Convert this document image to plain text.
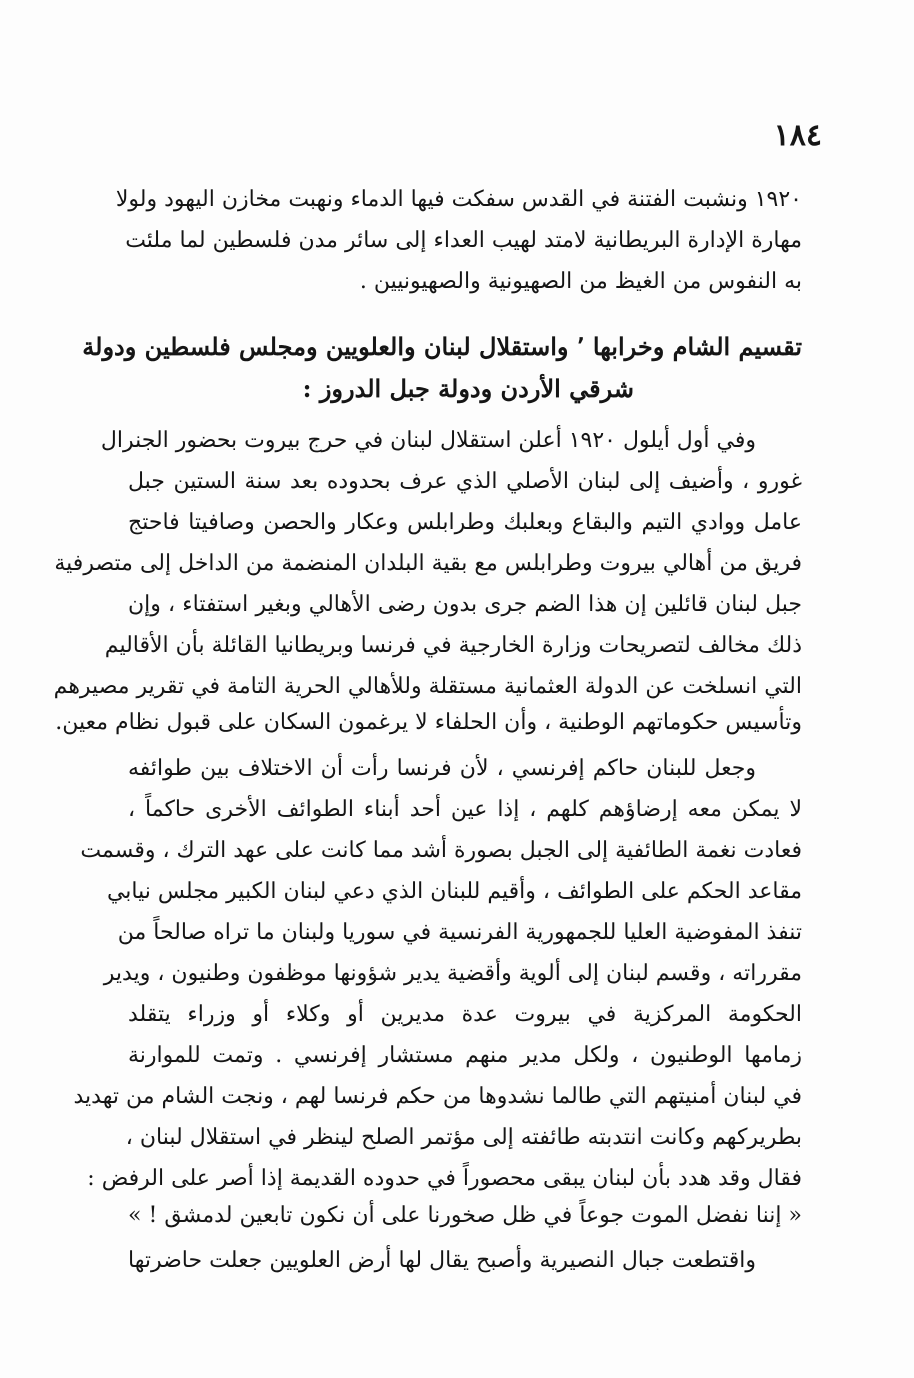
١٨٤
١٩٢٠ ونشبت الفتنة في القدس سفكت فيها الدماء ونهبت مخازن اليهود ولولا
مهارة الإدارة البريطانية لامتد لهيب العداء إلى سائر مدن فلسطين لما ملئت
به النفوس من الغيظ من الصهيونية والصهيونيين .
تقسيم الشام وخرابها ٬ واستقلال لبنان والعلويين ومجلس فلسطين ودولة
شرقي الأردن ودولة جبل الدروز :
وفي أول أيلول ١٩٢٠ أعلن استقلال لبنان في حرج بيروت بحضور الجنرال
غورو ، وأضيف إلى لبنان الأصلي الذي عرف بحدوده بعد سنة الستين جبل
عامل ووادي التيم والبقاع وبعلبك وطرابلس وعكار والحصن وصافيتا فاحتج
فريق من أهالي بيروت وطرابلس مع بقية البلدان المنضمة من الداخل إلى متصرفية
جبل لبنان قائلين إن هذا الضم جرى بدون رضى الأهالي وبغير استفتاء ، وإن
ذلك مخالف لتصريحات وزارة الخارجية في فرنسا وبريطانيا القائلة بأن الأقاليم
التي انسلخت عن الدولة العثمانية مستقلة وللأهالي الحرية التامة في تقرير مصيرهم
وتأسيس حكوماتهم الوطنية ، وأن الحلفاء لا يرغمون السكان على قبول نظام معين.
وجعل للبنان حاكم إفرنسي ، لأن فرنسا رأت أن الاختلاف بين طوائفه
لا يمكن معه إرضاؤهم كلهم ، إذا عين أحد أبناء الطوائف الأخرى حاكماً ،
فعادت نغمة الطائفية إلى الجبل بصورة أشد مما كانت على عهد الترك ، وقسمت
مقاعد الحكم على الطوائف ، وأقيم للبنان الذي دعي لبنان الكبير مجلس نيابي
تنفذ المفوضية العليا للجمهورية الفرنسية في سوريا ولبنان ما تراه صالحاً من
مقرراته ، وقسم لبنان إلى ألوية وأقضية يدير شؤونها موظفون وطنيون ، ويدير
الحكومة المركزية في بيروت عدة مديرين أو وكلاء أو وزراء يتقلد
زمامها الوطنيون ، ولكل مدير منهم مستشار إفرنسي . وتمت للموارنة
في لبنان أمنيتهم التي طالما نشدوها من حكم فرنسا لهم ، ونجت الشام من تهديد
بطريركهم وكانت انتدبته طائفته إلى مؤتمر الصلح لينظر في استقلال لبنان ،
فقال وقد هدد بأن لبنان يبقى محصوراً في حدوده القديمة إذا أصر على الرفض :
« إننا نفضل الموت جوعاً في ظل صخورنا على أن نكون تابعين لدمشق ! »
واقتطعت جبال النصيرية وأصبح يقال لها أرض العلويين جعلت حاضرتها
